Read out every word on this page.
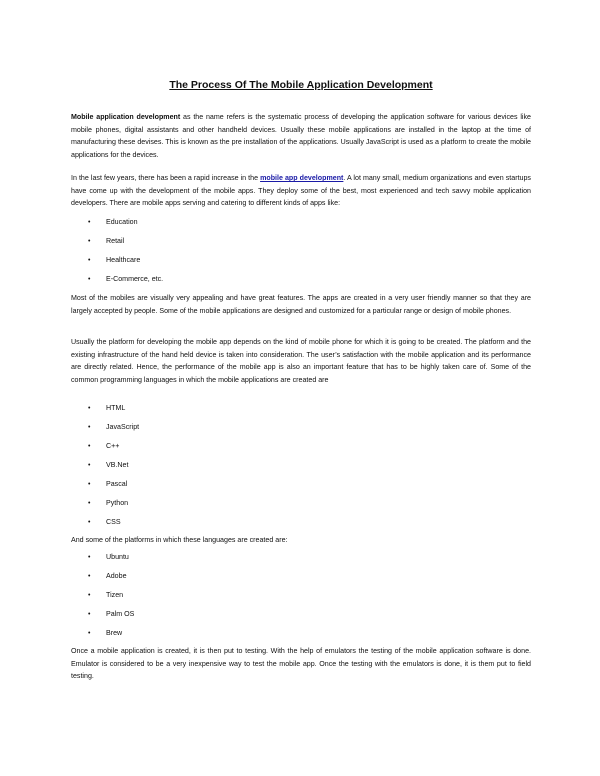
The Process Of The Mobile Application Development

Mobile application development as the name refers is the systematic process of developing the application software for various devices like mobile phones, digital assistants and other handheld devices. Usually these mobile applications are installed in the laptop at the time of manufacturing these devises. This is known as the pre installation of the applications. Usually JavaScript is used as a platform to create the mobile applications for the devices.

In the last few years, there has been a rapid increase in the mobile app development. A lot many small, medium organizations and even startups have come up with the development of the mobile apps. They deploy some of the best, most experienced and tech savvy mobile application developers. There are mobile apps serving and catering to different kinds of apps like:

• Education
• Retail
• Healthcare
• E-Commerce, etc.

Most of the mobiles are visually very appealing and have great features. The apps are created in a very user friendly manner so that they are largely accepted by people. Some of the mobile applications are designed and customized for a particular range or design of mobile phones.

Usually the platform for developing the mobile app depends on the kind of mobile phone for which it is going to be created. The platform and the existing infrastructure of the hand held device is taken into consideration. The user’s satisfaction with the mobile application and its performance are directly related. Hence, the performance of the mobile app is also an important feature that has to be highly taken care of. Some of the common programming languages in which the mobile applications are created are

• HTML
• JavaScript
• C++
• VB.Net
• Pascal
• Python
• CSS

And some of the platforms in which these languages are created are:

• Ubuntu
• Adobe
• Tizen
• Palm OS
• Brew

Once a mobile application is created, it is then put to testing. With the help of emulators the testing of the mobile application software is done. Emulator is considered to be a very inexpensive way to test the mobile app. Once the testing with the emulators is done, it is them put to field testing.
